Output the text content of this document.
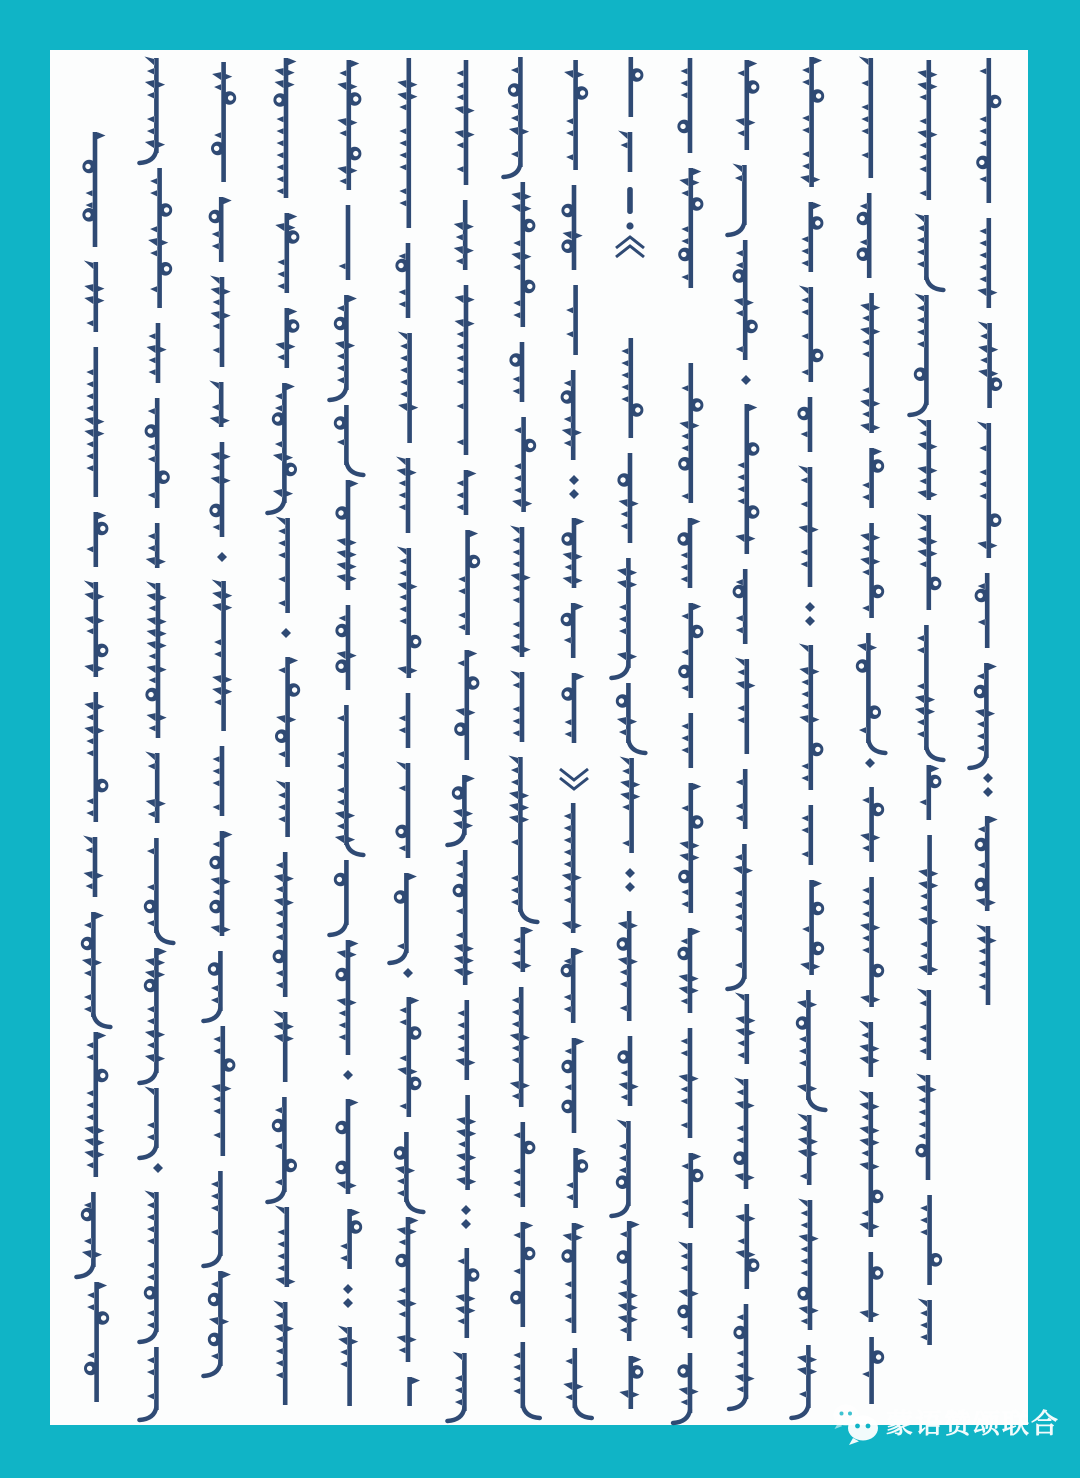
蒙语赞颂联合
